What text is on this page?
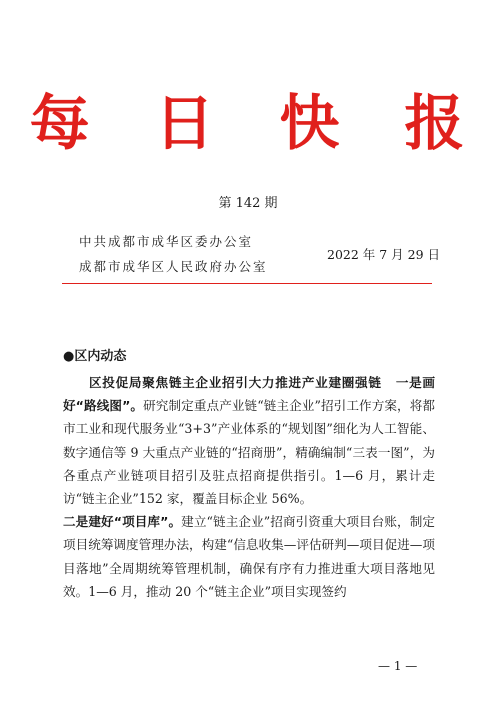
每 日 快 报
第 142 期
中共成都市成华区委办公室
成都市成华区人民政府办公室
2022 年 7 月 29 日
●区内动态

区投促局聚焦链主企业招引大力推进产业建圈强链 一是画好“路线图”。研究制定重点产业链“链主企业”招引工作方案，将都市工业和现代服务业“3+3”产业体系的“规划图”细化为人工智能、数字通信等 9 大重点产业链的“招商册”，精确编制“三表一图”，为各重点产业链项目招引及驻点招商提供指引。1—6 月，累计走访“链主企业”152 家，覆盖目标企业 56%。

二是建好“项目库”。建立“链主企业”招商引资重大项目台账，制定项目统筹调度管理办法，构建“信息收集—评估研判—项目促进—项目落地”全周期统筹管理机制，确保有序有力推进重大项目落地见效。1—6 月，推动 20 个“链主企业”项目实现签约

— 1 —
